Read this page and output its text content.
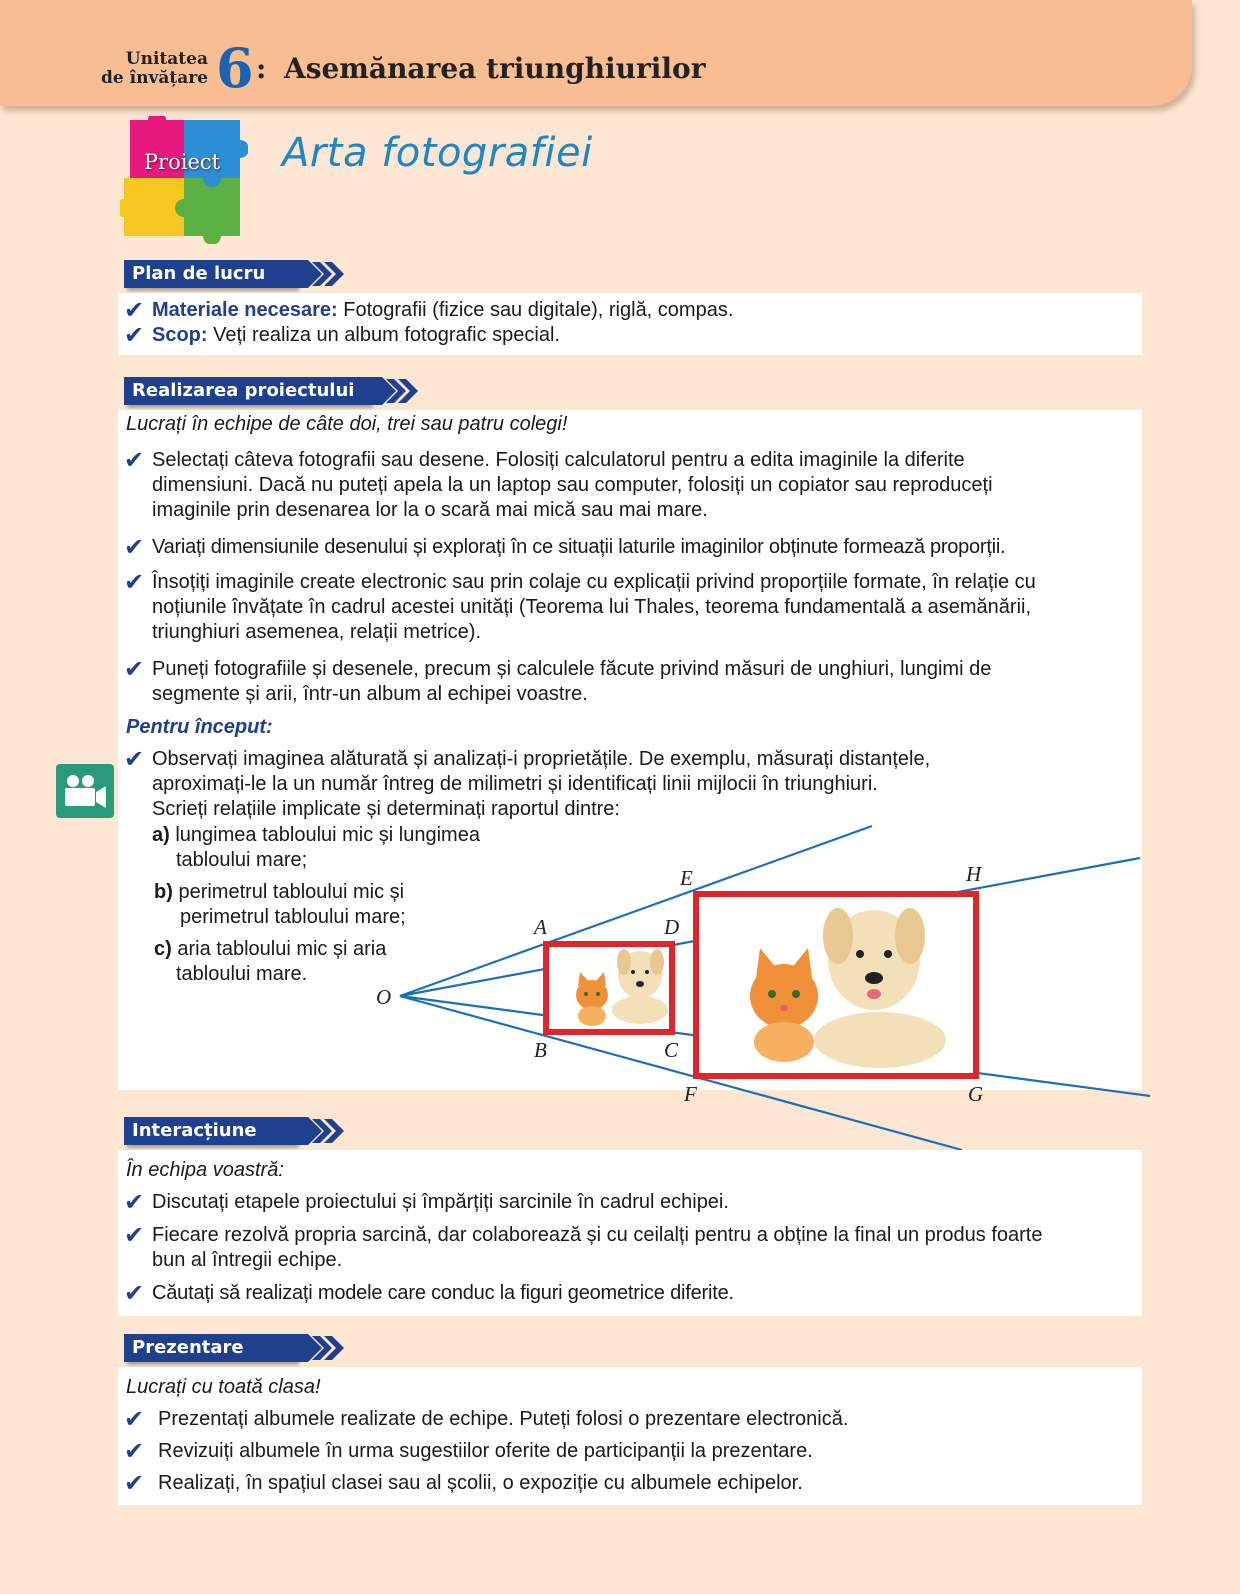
Unitatea
de învățare 6 : Asemănarea triunghiurilor
Proiect	Arta fotografiei
Plan de lucru
✔ Materiale necesare: Fotografii (fizice sau digitale), riglă, compas.
✔ Scop: Veți realiza un album fotografic special.
Realizarea proiectului
Lucrați în echipe de câte doi, trei sau patru colegi!
✔ Selectați câteva fotografii sau desene. Folosiți calculatorul pentru a edita imaginile la diferite
dimensiuni. Dacă nu puteți apela la un laptop sau computer, folosiți un copiator sau reproduceți
imaginile prin desenarea lor la o scară mai mică sau mai mare.
✔ Variați dimensiunile desenului și explorați în ce situații laturile imaginilor obținute formează proporții.
✔ Însoțiți imaginile create electronic sau prin colaje cu explicații privind proporțiile formate, în relație cu
noțiunile învățate în cadrul acestei unități (Teorema lui Thales, teorema fundamentală a asemănării,
triunghiuri asemenea, relații metrice).
✔ Puneți fotografiile și desenele, precum și calculele făcute privind măsuri de unghiuri, lungimi de
segmente și arii, într-un album al echipei voastre.
Pentru început:
✔ Observați imaginea alăturată și analizați-i proprietățile. De exemplu, măsurați distanțele,
aproximați-le la un număr întreg de milimetri și identificați linii mijlocii în triunghiuri.
Scrieți relațiile implicate și determinați raportul dintre:
a) lungimea tabloului mic și lungimea
tabloului mare;
b) perimetrul tabloului mic și
perimetrul tabloului mare;
c) aria tabloului mic și aria
tabloului mare.
O
A
B	C
D
E
F	G
H
Interacțiune
În echipa voastră:
✔ Discutați etapele proiectului și împărțiți sarcinile în cadrul echipei.
✔ Fiecare rezolvă propria sarcină, dar colaborează și cu ceilalți pentru a obține la final un produs foarte
bun al întregii echipe.
✔ Căutați să realizați modele care conduc la figuri geometrice diferite.
Prezentare
Lucrați cu toată clasa!
✔ Prezentați albumele realizate de echipe. Puteți folosi o prezentare electronică.
✔ Revizuiți albumele în urma sugestiilor oferite de participanții la prezentare.
✔ Realizați, în spațiul clasei sau al școlii, o expoziție cu albumele echipelor.
